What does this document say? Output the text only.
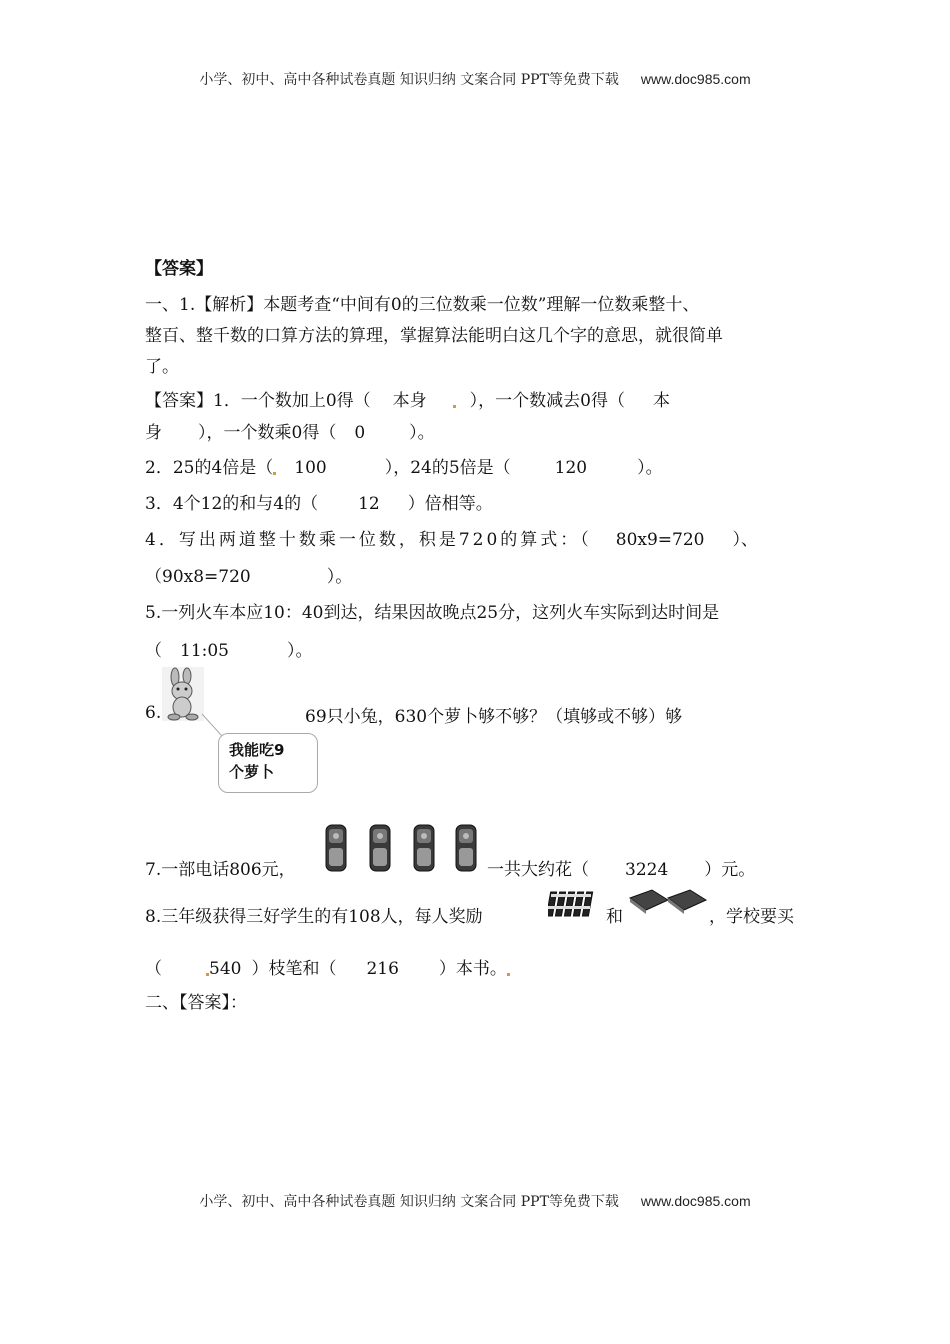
小学、初中、高中各种试卷真题 知识归纳 文案合同 PPT等免费下载 www.doc985.com
【答案】
一、1.【解析】本题考查“中间有0的三位数乘一位数”理解一位数乘整十、
整百、整千数的口算方法的算理，掌握算法能明白这几个字的意思，就很简单
了。
【答案】1．一个数加上0得（ 本身	），一个数减去0得（ 本
身 ），一个数乘0得（ 0	）。
2．25的4倍是（ 100	），24的5倍是（	120	）。
3．4个12的和与4的（ 12 ）倍相等。
4．写出两道整十数乘一位数，积是720的算式：（ 80x9=720 ）、
（90x8=720	）。
5.一列火车本应10：40到达，结果因故晚点25分，这列火车实际到达时间是
（ 11:05	）。
6.	69只小兔，630个萝卜够不够？（填够或不够）够
我能吃9
个萝卜
7.一部电话806元，	一共大约花（ 3224 ）元。
8.三年级获得三好学生的有108人，每人奖励	和	，学校要买
（	540 ）枝笔和（ 216 ）本书。
二、【答案】：
小学、初中、高中各种试卷真题 知识归纳 文案合同 PPT等免费下载 www.doc985.com
